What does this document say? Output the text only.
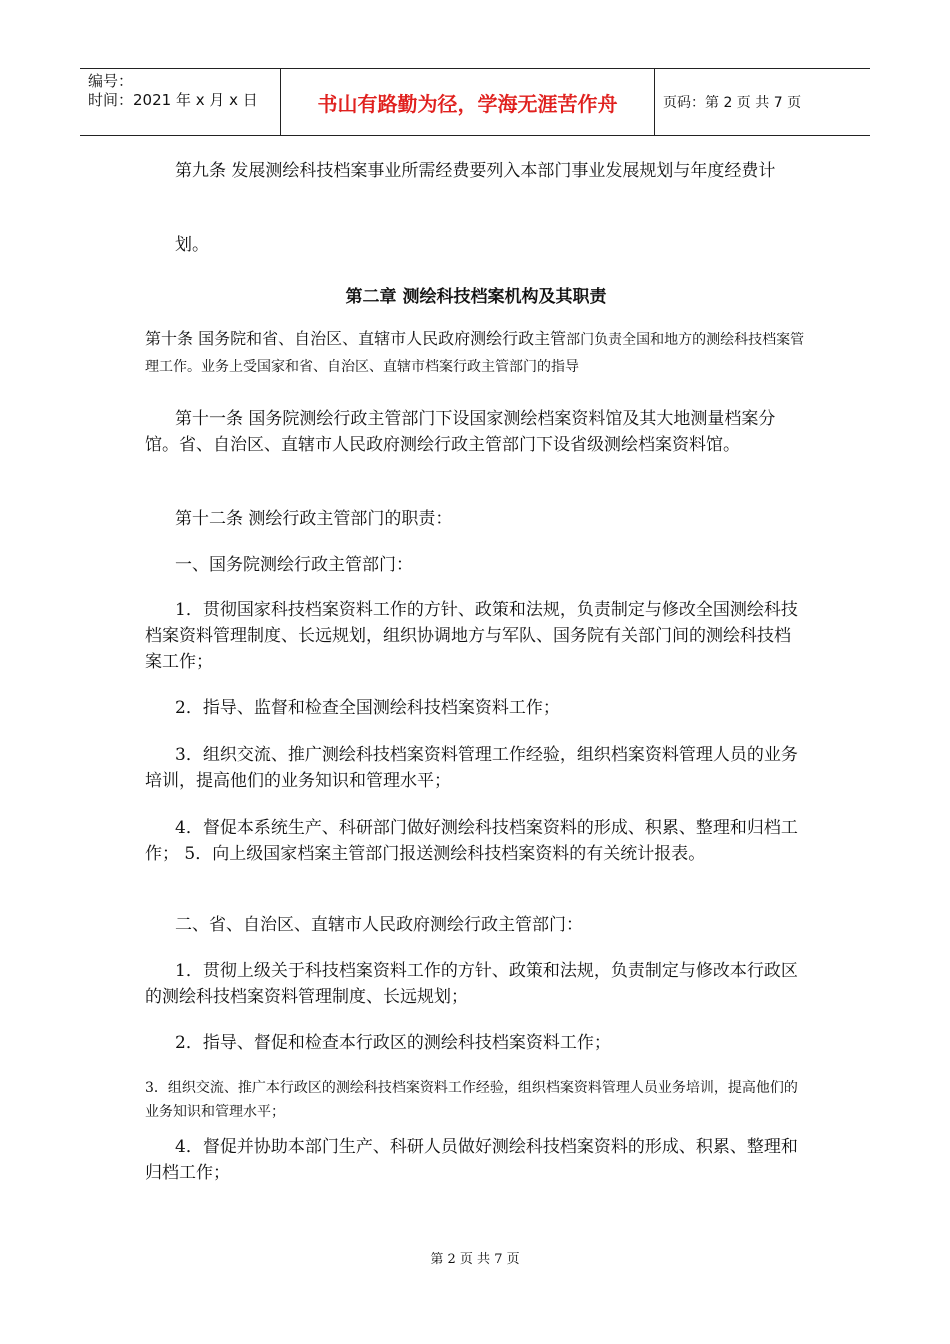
编号：
时间：2021 年 x 月 x 日	书山有路勤为径，学海无涯苦作舟	页码：第 2 页 共 7 页

第九条 发展测绘科技档案事业所需经费要列入本部门事业发展规划与年度经费计

划。

第二章 测绘科技档案机构及其职责

第十条 国务院和省、自治区、直辖市人民政府测绘行政主管部门负责全国和地方的测绘科技档案管理工作。业务上受国家和省、自治区、直辖市档案行政主管部门的指导

第十一条 国务院测绘行政主管部门下设国家测绘档案资料馆及其大地测量档案分馆。省、自治区、直辖市人民政府测绘行政主管部门下设省级测绘档案资料馆。

第十二条 测绘行政主管部门的职责：

一、国务院测绘行政主管部门：

1．贯彻国家科技档案资料工作的方针、政策和法规，负责制定与修改全国测绘科技档案资料管理制度、长远规划，组织协调地方与军队、国务院有关部门间的测绘科技档案工作；

2．指导、监督和检查全国测绘科技档案资料工作；

3．组织交流、推广测绘科技档案资料管理工作经验，组织档案资料管理人员的业务培训，提高他们的业务知识和管理水平；

4．督促本系统生产、科研部门做好测绘科技档案资料的形成、积累、整理和归档工作； 5．向上级国家档案主管部门报送测绘科技档案资料的有关统计报表。

二、省、自治区、直辖市人民政府测绘行政主管部门：

1．贯彻上级关于科技档案资料工作的方针、政策和法规，负责制定与修改本行政区的测绘科技档案资料管理制度、长远规划；

2．指导、督促和检查本行政区的测绘科技档案资料工作；

3．组织交流、推广本行政区的测绘科技档案资料工作经验，组织档案资料管理人员业务培训，提高他们的业务知识和管理水平；

4．督促并协助本部门生产、科研人员做好测绘科技档案资料的形成、积累、整理和归档工作；

第 2 页 共 7 页
